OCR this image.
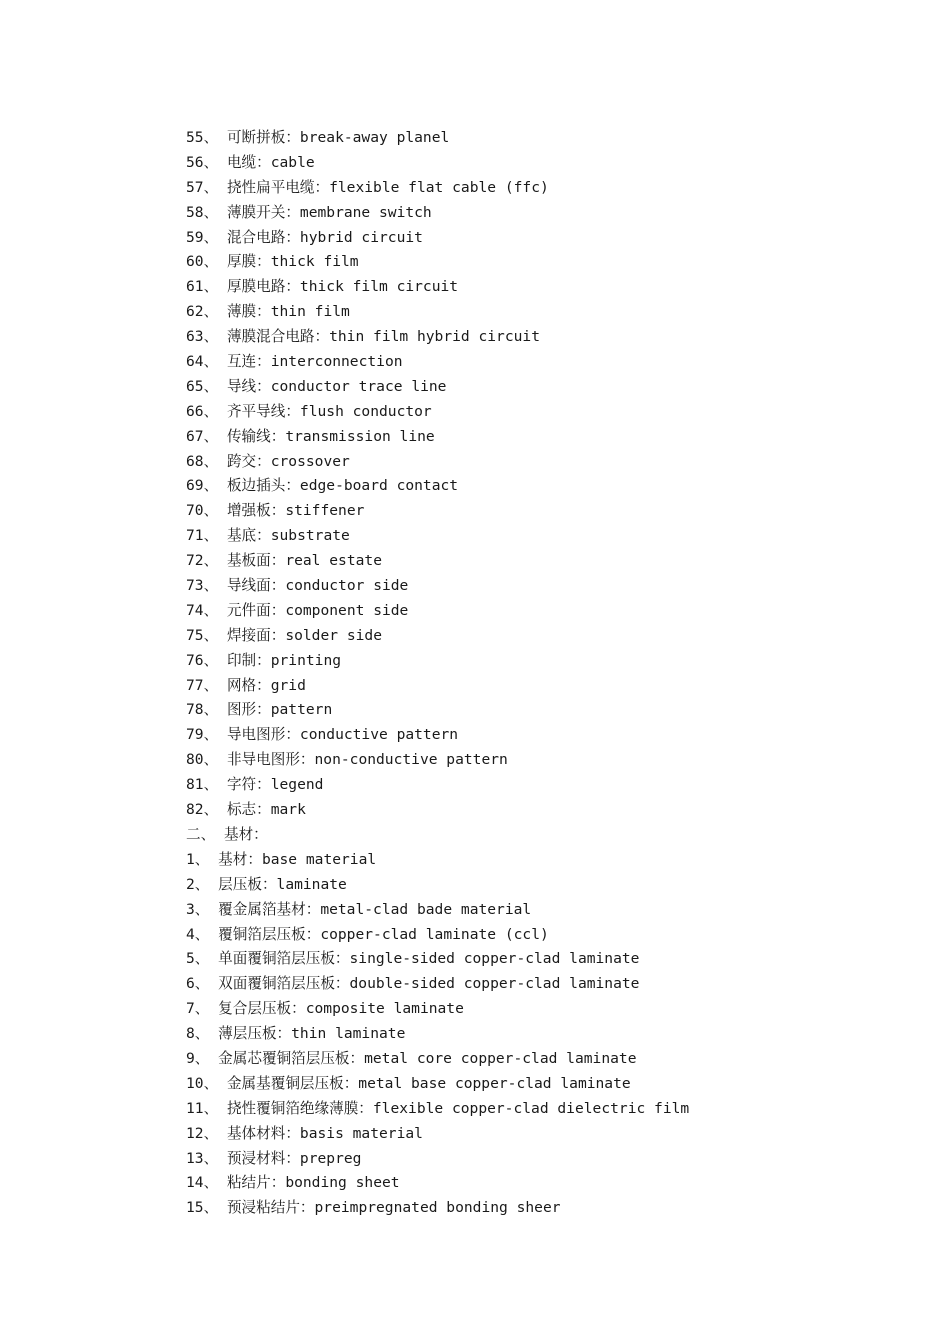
55、 可断拼板：break-away planel
56、 电缆：cable
57、 挠性扁平电缆：flexible flat cable (ffc)
58、 薄膜开关：membrane switch
59、 混合电路：hybrid circuit
60、 厚膜：thick film
61、 厚膜电路：thick film circuit
62、 薄膜：thin film
63、 薄膜混合电路：thin film hybrid circuit
64、 互连：interconnection
65、 导线：conductor trace line
66、 齐平导线：flush conductor
67、 传输线：transmission line
68、 跨交：crossover
69、 板边插头：edge-board contact
70、 增强板：stiffener
71、 基底：substrate
72、 基板面：real estate
73、 导线面：conductor side
74、 元件面：component side
75、 焊接面：solder side
76、 印制：printing
77、 网格：grid
78、 图形：pattern
79、 导电图形：conductive pattern
80、 非导电图形：non-conductive pattern
81、 字符：legend
82、 标志：mark
二、 基材：
1、 基材：base material
2、 层压板：laminate
3、 覆金属箔基材：metal-clad bade material
4、 覆铜箔层压板：copper-clad laminate (ccl)
5、 单面覆铜箔层压板：single-sided copper-clad laminate
6、 双面覆铜箔层压板：double-sided copper-clad laminate
7、 复合层压板：composite laminate
8、 薄层压板：thin laminate
9、 金属芯覆铜箔层压板：metal core copper-clad laminate
10、 金属基覆铜层压板：metal base copper-clad laminate
11、 挠性覆铜箔绝缘薄膜：flexible copper-clad dielectric film
12、 基体材料：basis material
13、 预浸材料：prepreg
14、 粘结片：bonding sheet
15、 预浸粘结片：preimpregnated bonding sheer
